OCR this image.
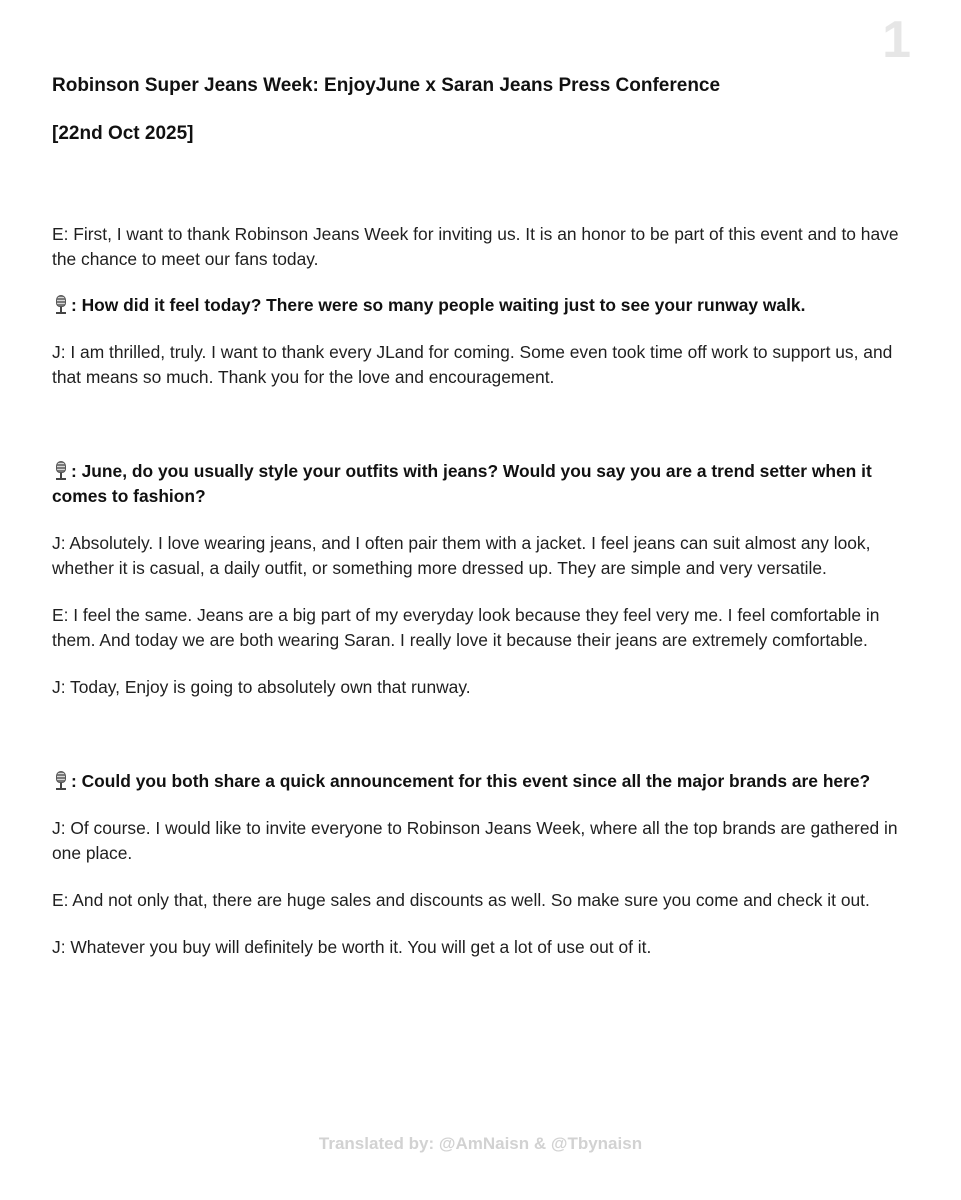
1
Robinson Super Jeans Week: EnjoyJune x Saran Jeans Press Conference
[22nd Oct 2025]

E: First, I want to thank Robinson Jeans Week for inviting us. It is an honor to be part of this event and to have the chance to meet our fans today.

: How did it feel today? There were so many people waiting just to see your runway walk.

J: I am thrilled, truly. I want to thank every JLand for coming. Some even took time off work to support us, and that means so much. Thank you for the love and encouragement.

: June, do you usually style your outfits with jeans? Would you say you are a trend setter when it comes to fashion?

J: Absolutely. I love wearing jeans, and I often pair them with a jacket. I feel jeans can suit almost any look, whether it is casual, a daily outfit, or something more dressed up. They are simple and very versatile.

E: I feel the same. Jeans are a big part of my everyday look because they feel very me. I feel comfortable in them. And today we are both wearing Saran. I really love it because their jeans are extremely comfortable.

J: Today, Enjoy is going to absolutely own that runway.

: Could you both share a quick announcement for this event since all the major brands are here?

J: Of course. I would like to invite everyone to Robinson Jeans Week, where all the top brands are gathered in one place.

E: And not only that, there are huge sales and discounts as well. So make sure you come and check it out.

J: Whatever you buy will definitely be worth it. You will get a lot of use out of it.

Translated by: @AmNaisn & @Tbynaisn
